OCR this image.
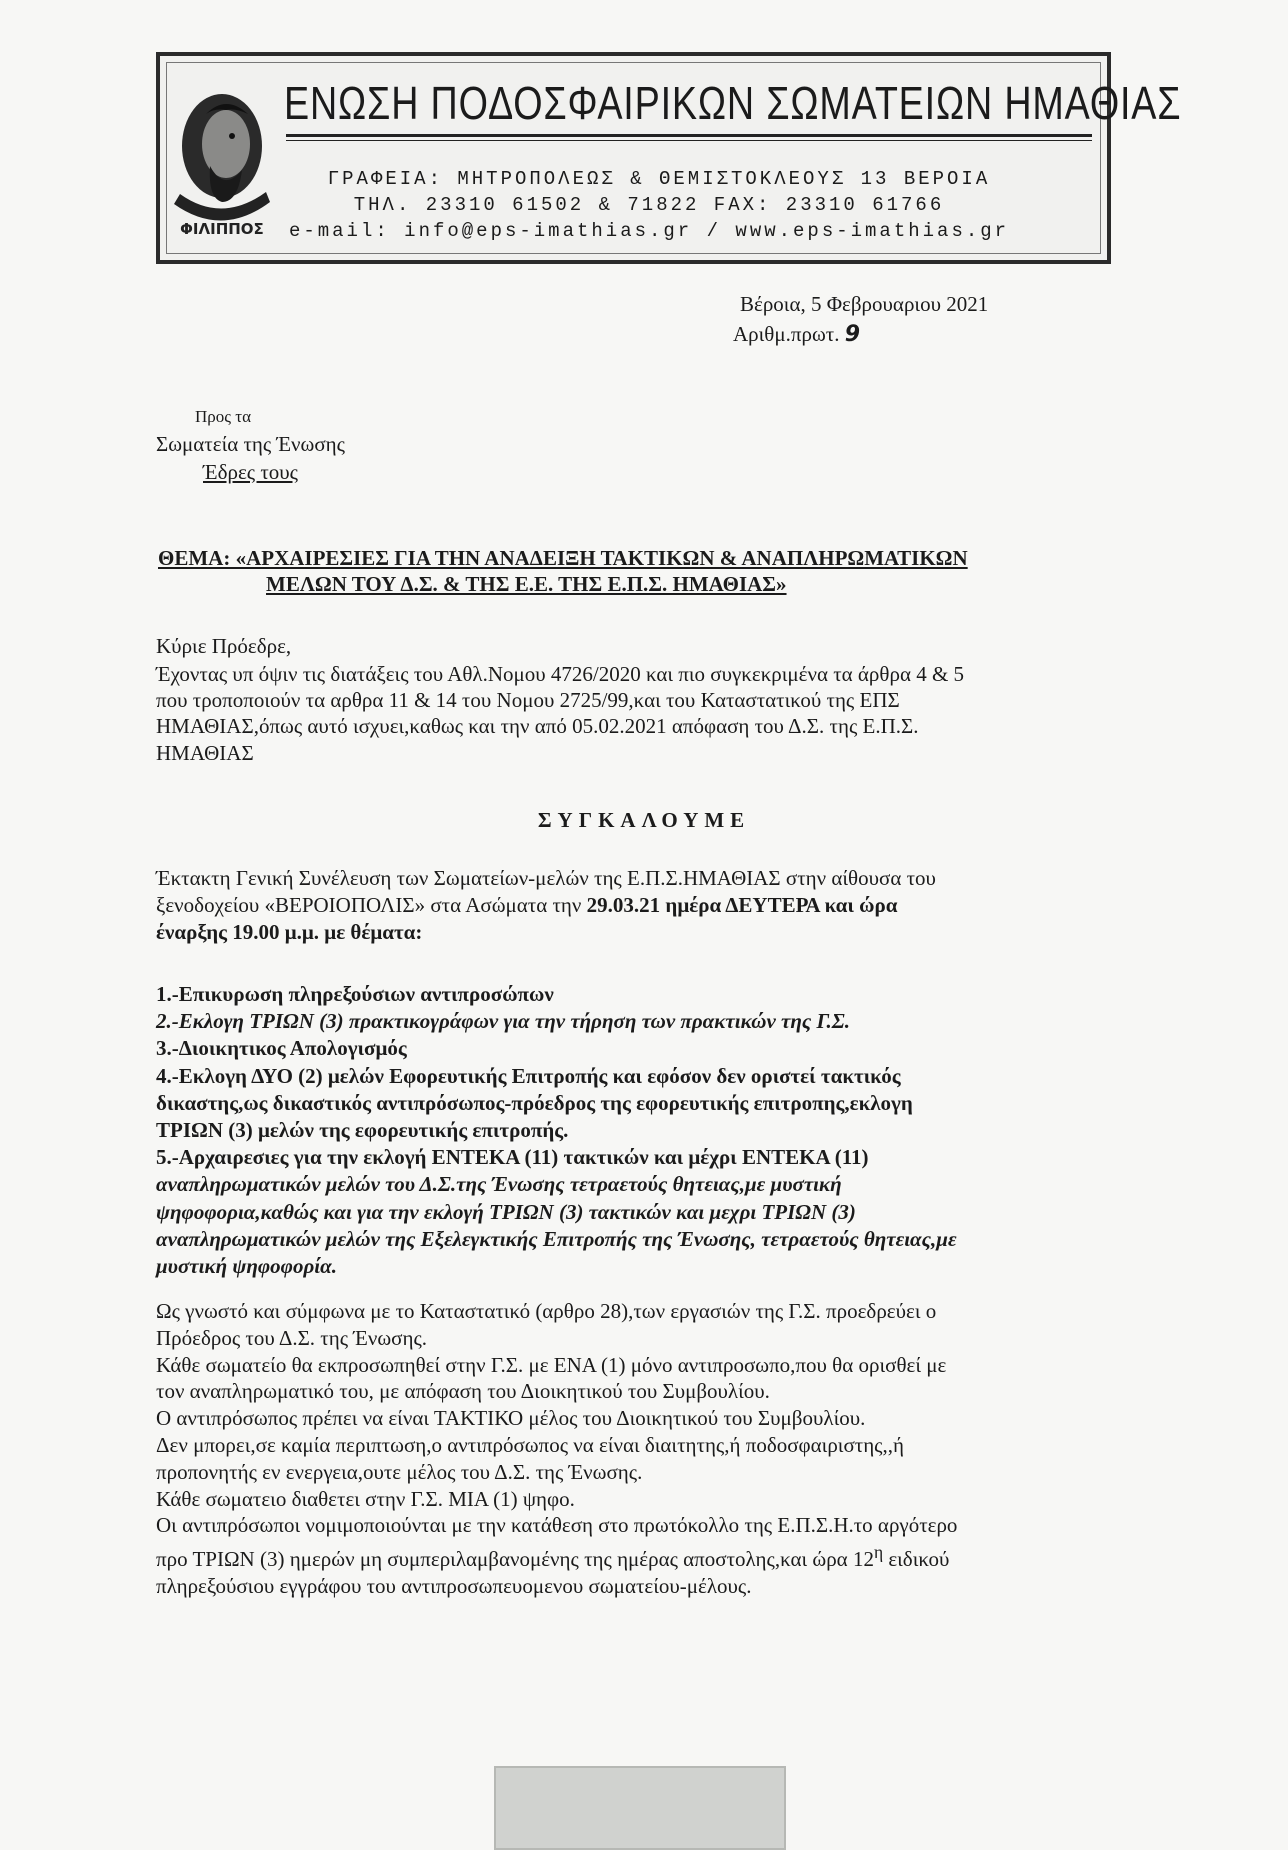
ΦΙΛΙΠΠΟΣ
ΕΝΩΣΗ ΠΟΔΟΣΦΑΙΡΙΚΩΝ ΣΩΜΑΤΕΙΩΝ ΗΜΑΘΙΑΣ
ΓΡΑΦΕΙΑ: ΜΗΤΡΟΠΟΛΕΩΣ & ΘΕΜΙΣΤΟΚΛΕΟΥΣ 13 ΒΕΡΟΙΑ
ΤΗΛ. 23310 61502 & 71822 FAX: 23310 61766
e-mail: info@eps-imathias.gr / www.eps-imathias.gr
Βέροια, 5 Φεβρουαριου 2021
Αριθμ.πρωτ. 9
Προς τα
Σωματεία της Ένωσης
Έδρες τους
ΘΕΜΑ: «ΑΡΧΑΙΡΕΣΙΕΣ ΓΙΑ ΤΗΝ ΑΝΑΔΕΙΞΗ ΤΑΚΤΙΚΩΝ & ΑΝΑΠΛΗΡΩΜΑΤΙΚΩΝ
ΜΕΛΩΝ ΤΟΥ Δ.Σ. & ΤΗΣ Ε.Ε. ΤΗΣ Ε.Π.Σ. ΗΜΑΘΙΑΣ»
Κύριε Πρόεδρε,
Έχοντας υπ όψιν τις διατάξεις του Αθλ.Νομου 4726/2020 και πιο συγκεκριμένα τα άρθρα 4 & 5
που τροποποιούν τα αρθρα 11 & 14 του Νομου 2725/99,και του Καταστατικού της ΕΠΣ
ΗΜΑΘΙΑΣ,όπως αυτό ισχυει,καθως και την από 05.02.2021 απόφαση του Δ.Σ. της Ε.Π.Σ.
ΗΜΑΘΙΑΣ
ΣΥΓΚΑΛΟΥΜΕ
Έκτακτη Γενική Συνέλευση των Σωματείων-μελών της Ε.Π.Σ.ΗΜΑΘΙΑΣ στην αίθουσα του
ξενοδοχείου «ΒΕΡΟΙΟΠΟΛΙΣ» στα Ασώματα την 29.03.21 ημέρα ΔΕΥΤΕΡΑ και ώρα
έναρξης 19.00 μ.μ. με θέματα:
1.-Επικυρωση πληρεξούσιων αντιπροσώπων
2.-Εκλογη ΤΡΙΩΝ (3) πρακτικογράφων για την τήρηση των πρακτικών της Γ.Σ.
3.-Διοικητικος Απολογισμός
4.-Εκλογη ΔΥΟ (2) μελών Εφορευτικής Επιτροπής και εφόσον δεν οριστεί τακτικός
δικαστης,ως δικαστικός αντιπρόσωπος-πρόεδρος της εφορευτικής επιτροπης,εκλογη
ΤΡΙΩΝ (3) μελών της εφορευτικής επιτροπής.
5.-Αρχαιρεσιες για την εκλογή ΕΝΤΕΚΑ (11) τακτικών και μέχρι ΕΝΤΕΚΑ (11)
αναπληρωματικών μελών του Δ.Σ.της Ένωσης τετραετούς θητειας,με μυστική
ψηφοφορια,καθώς και για την εκλογή ΤΡΙΩΝ (3) τακτικών και μεχρι ΤΡΙΩΝ (3)
αναπληρωματικών μελών της Εξελεγκτικής Επιτροπής της Ένωσης, τετραετούς θητειας,με
μυστική ψηφοφορία.
Ως γνωστό και σύμφωνα με το Καταστατικό (αρθρο 28),των εργασιών της Γ.Σ. προεδρεύει ο
Πρόεδρος του Δ.Σ. της Ένωσης.
Κάθε σωματείο θα εκπροσωπηθεί στην Γ.Σ. με ΕΝΑ (1) μόνο αντιπροσωπο,που θα ορισθεί με
τον αναπληρωματικό του, με απόφαση του Διοικητικού του Συμβουλίου.
Ο αντιπρόσωπος πρέπει να είναι ΤΑΚΤΙΚΟ μέλος του Διοικητικού του Συμβουλίου.
Δεν μπορει,σε καμία περιπτωση,ο αντιπρόσωπος να είναι διαιτητης,ή ποδοσφαιριστης,,ή
προπονητής εν ενεργεια,ουτε μέλος του Δ.Σ. της Ένωσης.
Κάθε σωματειο διαθετει στην Γ.Σ. ΜΙΑ (1) ψηφο.
Οι αντιπρόσωποι νομιμοποιούνται με την κατάθεση στο πρωτόκολλο της Ε.Π.Σ.Η.το αργότερο
προ ΤΡΙΩΝ (3) ημερών μη συμπεριλαμβανομένης της ημέρας αποστολης,και ώρα $12^\eta$ ειδικού
πληρεξούσιου εγγράφου του αντιπροσωπευομενου σωματείου-μέλους.
